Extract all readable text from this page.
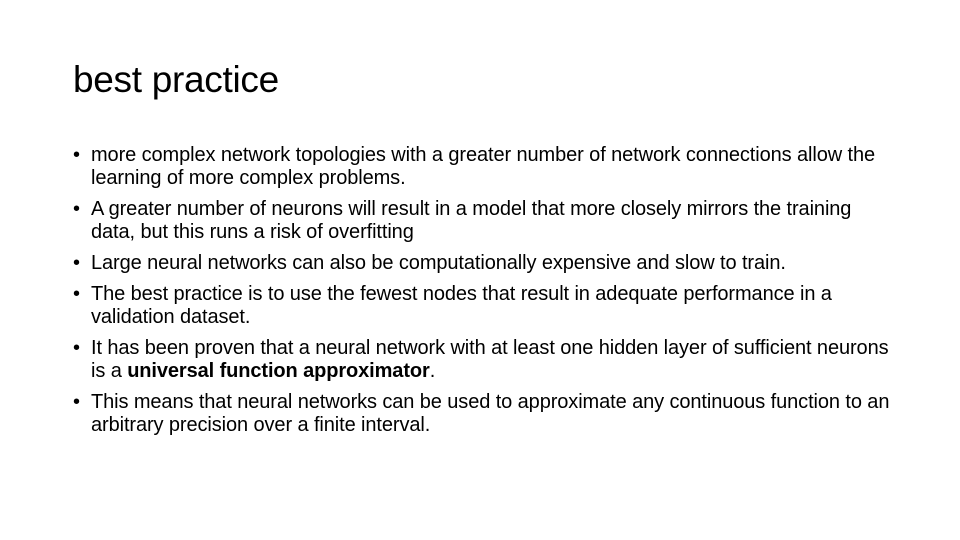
best practice
• more complex network topologies with a greater number of network connections allow the learning of more complex problems.
• A greater number of neurons will result in a model that more closely mirrors the training data, but this runs a risk of overfitting
• Large neural networks can also be computationally expensive and slow to train.
• The best practice is to use the fewest nodes that result in adequate performance in a validation dataset.
• It has been proven that a neural network with at least one hidden layer of sufficient neurons is a universal function approximator.
• This means that neural networks can be used to approximate any continuous function to an arbitrary precision over a finite interval.
